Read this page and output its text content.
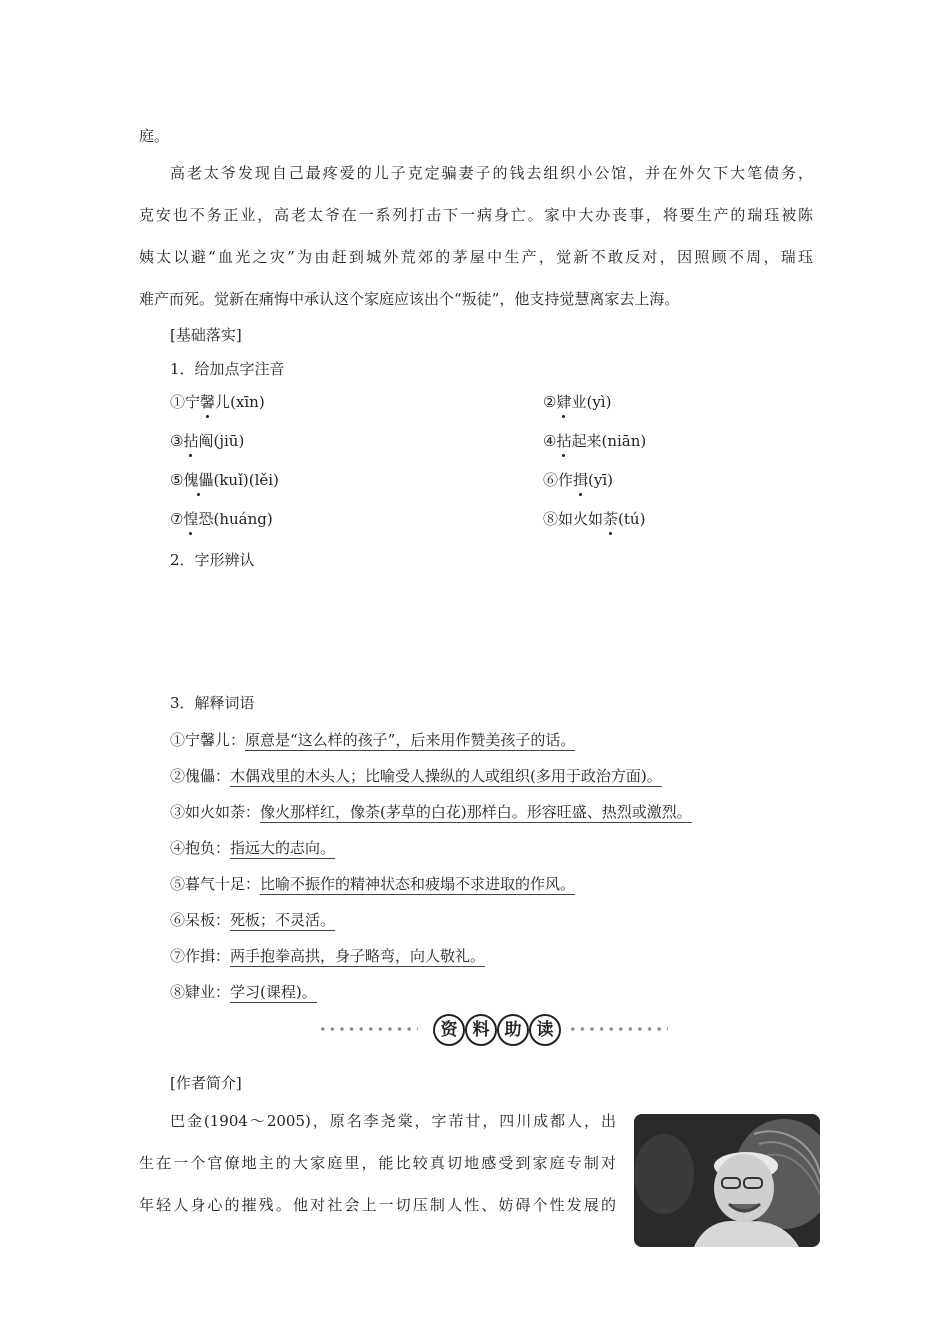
庭。
高老太爷发现自己最疼爱的儿子克定骗妻子的钱去组织小公馆，并在外欠下大笔债务，
克安也不务正业，高老太爷在一系列打击下一病身亡。家中大办丧事，将要生产的瑞珏被陈
姨太以避“血光之灾”为由赶到城外荒郊的茅屋中生产，觉新不敢反对，因照顾不周，瑞珏
难产而死。觉新在痛悔中承认这个家庭应该出个“叛徒”，他支持觉慧离家去上海。
[基础落实]
1．给加点字注音
①宁馨儿(xīn)	②肄业(yì)
③拈阄(jiū)	④拈起来(niān)
⑤傀儡(kuǐ)(lěi)	⑥作揖(yī)
⑦惶恐(huáng)	⑧如火如荼(tú)
2．字形辨认
3．解释词语
①宁馨儿：原意是“这么样的孩子”，后来用作赞美孩子的话。
②傀儡：木偶戏里的木头人；比喻受人操纵的人或组织(多用于政治方面)。
③如火如荼：像火那样红，像荼(茅草的白花)那样白。形容旺盛、热烈或激烈。
④抱负：指远大的志向。
⑤暮气十足：比喻不振作的精神状态和疲塌不求进取的作风。
⑥呆板：死板；不灵活。
⑦作揖：两手抱拳高拱，身子略弯，向人敬礼。
⑧肄业：学习(课程)。
资 料 助 读
[作者简介]
巴金(1904～2005)，原名李尧棠，字芾甘，四川成都人，出
生在一个官僚地主的大家庭里，能比较真切地感受到家庭专制对
年轻人身心的摧残。他对社会上一切压制人性、妨碍个性发展的
